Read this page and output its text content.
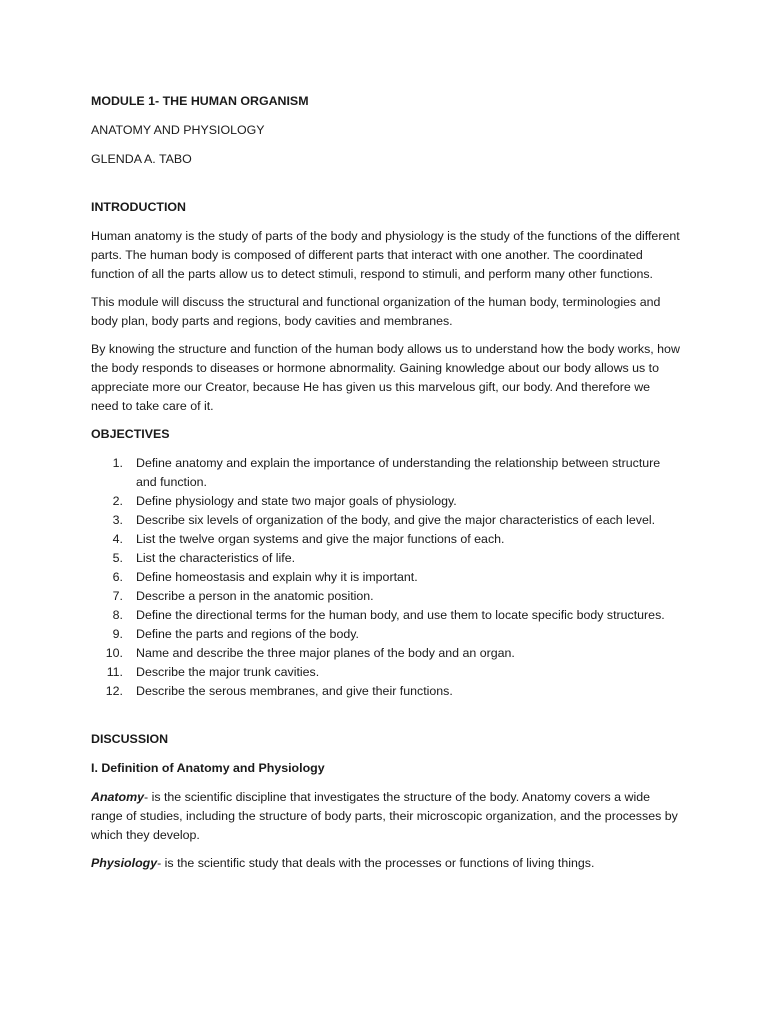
MODULE 1- THE HUMAN ORGANISM

ANATOMY AND PHYSIOLOGY

GLENDA A. TABO

INTRODUCTION

Human anatomy is the study of parts of the body and physiology is the study of the functions of the different parts. The human body is composed of different parts that interact with one another. The coordinated function of all the parts allow us to detect stimuli, respond to stimuli, and perform many other functions.

This module will discuss the structural and functional organization of the human body, terminologies and body plan, body parts and regions, body cavities and membranes.

By knowing the structure and function of the human body allows us to understand how the body works, how the body responds to diseases or hormone abnormality. Gaining knowledge about our body allows us to appreciate more our Creator, because He has given us this marvelous gift, our body. And therefore we need to take care of it.

OBJECTIVES

1. Define anatomy and explain the importance of understanding the relationship between structure and function.
2. Define physiology and state two major goals of physiology.
3. Describe six levels of organization of the body, and give the major characteristics of each level.
4. List the twelve organ systems and give the major functions of each.
5. List the characteristics of life.
6. Define homeostasis and explain why it is important.
7. Describe a person in the anatomic position.
8. Define the directional terms for the human body, and use them to locate specific body structures.
9. Define the parts and regions of the body.
10. Name and describe the three major planes of the body and an organ.
11. Describe the major trunk cavities.
12. Describe the serous membranes, and give their functions.

DISCUSSION

I. Definition of Anatomy and Physiology

Anatomy- is the scientific discipline that investigates the structure of the body. Anatomy covers a wide range of studies, including the structure of body parts, their microscopic organization, and the processes by which they develop.

Physiology- is the scientific study that deals with the processes or functions of living things.
